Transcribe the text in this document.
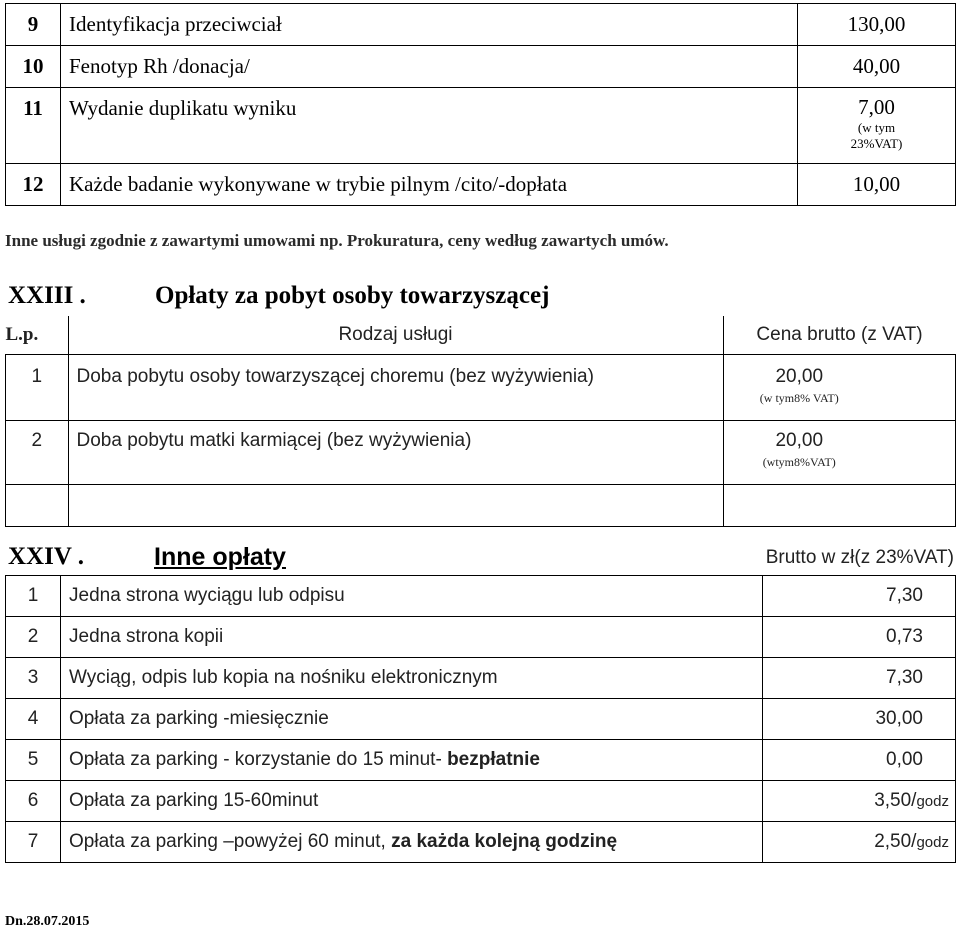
9	Identyfikacja przeciwciał	130,00
10	Fenotyp Rh /donacja/	40,00
11	Wydanie duplikatu wyniku	7,00
(w tym
23%VAT)

12	Każde badanie wykonywane w trybie pilnym /cito/-dopłata	10,00
Inne usługi zgodnie z zawartymi umowami np. Prokuratura, ceny według zawartych umów.
XXIII .	Opłaty za pobyt osoby towarzyszącej
L.p.	Rodzaj usługi	Cena brutto (z VAT)
1	Doba pobytu osoby towarzyszącej choremu (bez wyżywienia)	20,00
(w tym8% VAT)

2	Doba pobytu matki karmiącej (bez wyżywienia)	20,00
(wtym8%VAT)

XXIV .	Inne opłaty	Brutto w zł(z 23%VAT)
1	Jedna strona wyciągu lub odpisu	7,30
2	Jedna strona kopii	0,73
3	Wyciąg, odpis lub kopia na nośniku elektronicznym	7,30
4	Opłata za parking -miesięcznie	30,00
5	Opłata za parking - korzystanie do 15 minut- bezpłatnie	0,00
6	Opłata za parking 15-60minut	3,50/godz
7	Opłata za parking –powyżej 60 minut, za każda kolejną godzinę	2,50/godz
Dn.28.07.2015
